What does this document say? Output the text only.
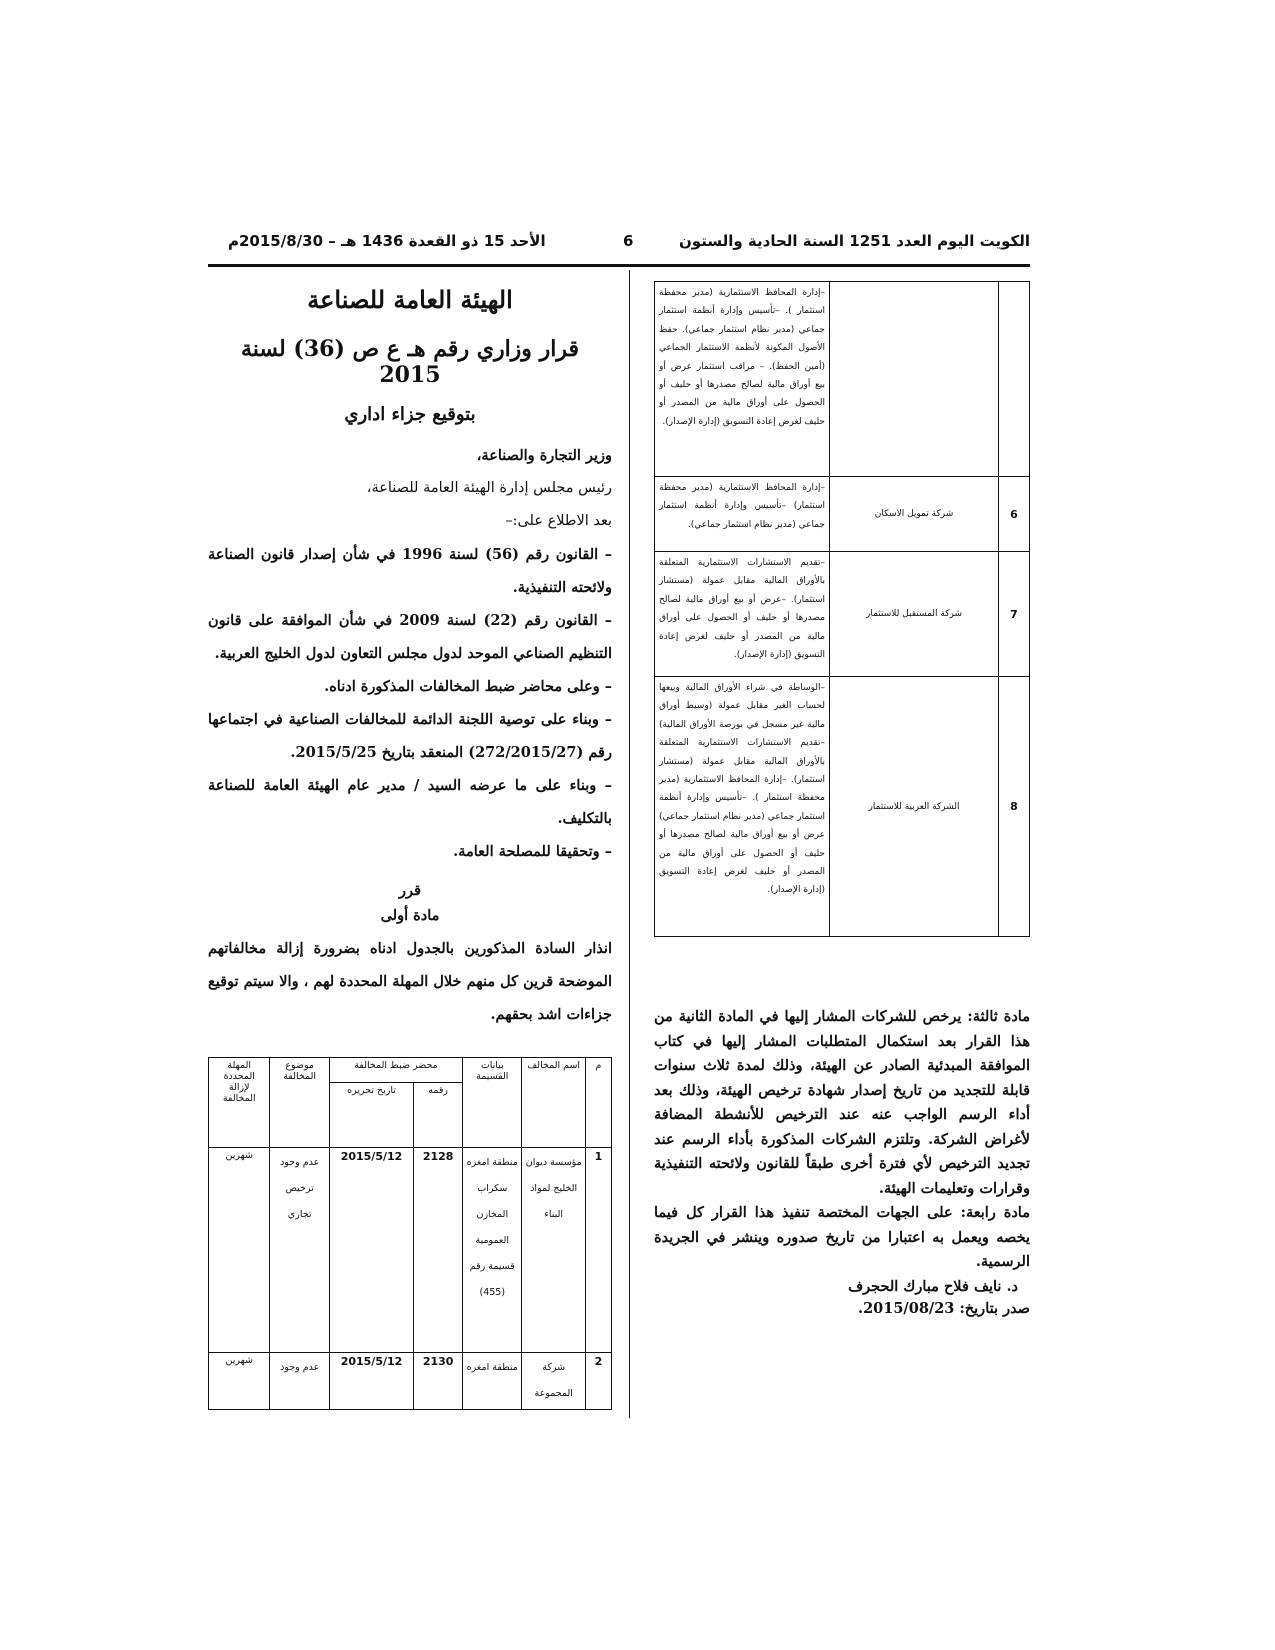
الكويت اليوم العدد 1251 السنة الحادية والستون
6
الأحد 15 ذو القعدة 1436 هـ – 2015/8/30م
الهيئة العامة للصناعة
قرار وزاري رقم هـ ع ص (36) لسنة 2015
بتوقيع جزاء اداري

وزير التجارة والصناعة،

رئيس مجلس إدارة الهيئة العامة للصناعة،

بعد الاطلاع على:–

– القانون رقم (56) لسنة 1996 في شأن إصدار قانون الصناعة ولائحته التنفيذية.

– القانون رقم (22) لسنة 2009 في شأن الموافقة على قانون التنظيم الصناعي الموحد لدول مجلس التعاون لدول الخليج العربية.

– وعلى محاضر ضبط المخالفات المذكورة ادناه.

– وبناء على توصية اللجنة الدائمة للمخالفات الصناعية في اجتماعها رقم (272/2015/27) المنعقد بتاريخ 2015/5/25.

– وبناء على ما عرضه السيد / مدير عام الهيئة العامة للصناعة بالتكليف.

– وتحقيقا للمصلحة العامة.

قرر
مادة أولى

انذار السادة المذكورين بالجدول ادناه بضرورة إزالة مخالفاتهم الموضحة قرين كل منهم خلال المهلة المحددة لهم ، والا سيتم توقيع جزاءات اشد بحقهم.

م	اسم المخالف	بيانات القسيمة	محضر ضبط المخالفة		موضوع المخالفة	المهلة المحددة لإزالة المخالفة
			رقمه	تاريخ تحريره		
1	مؤسسة ديوان الخليج لمواد البناء	منطقة امغره سكراب المخازن العمومية قسيمة رقم (455)	2128	2015/5/12	عدم وجود ترخيص تجاري	شهرين
2	شركة المجموعة	منطقة امغره	2130	2015/5/12	عدم وجود	شهرين
		–إدارة المحافظ الاستثمارية (مدير محفظة استثمار ). –تأسيس وإدارة أنظمة استثمار جماعي (مدير نظام استثمار جماعي). حفظ الأصول المكونة لأنظمة الاستثمار الجماعي (أمين الحفظ). – مراقب استثمار عرض أو بيع أوراق مالية لصالح مصدرها أو حليف أو الحصول على أوراق مالية من المصدر أو حليف لغرض إعادة التسويق (إدارة الإصدار).
6	شركة تمويل الاسكان	–إدارة المحافظ الاستثمارية (مدير محفظة استثمار) –تأسيس وإدارة أنظمة استثمار جماعي (مدير نظام استثمار جماعي).
7	شركة المستقبل للاستثمار	–تقديم الاستشارات الاستثمارية المتعلقة بالأوراق المالية مقابل عمولة (مستشار استثمار). –عرض أو بيع أوراق مالية لصالح مصدرها أو حليف أو الحصول على أوراق مالية من المصدر أو حليف لغرض إعادة التسويق (إدارة الإصدار).
8	الشركة العربية للاستثمار	–الوساطة في شراء الأوراق المالية وبيعها لحساب الغير مقابل عمولة (وسيط أوراق مالية غير مسجل في بورصة الأوراق المالية) –تقديم الاستشارات الاستثمارية المتعلقة بالأوراق المالية مقابل عمولة (مستشار استثمار). –إدارة المحافظ الاستثمارية (مدير محفظة استثمار ). –تأسيس وإدارة أنظمة استثمار جماعي (مدير نظام استثمار جماعي) عرض أو بيع أوراق مالية لصالح مصدرها أو حليف أو الحصول على أوراق مالية من المصدر أو حليف لغرض إعادة التسويق (إدارة الإصدار).

مادة ثالثة: يرخص للشركات المشار إليها في المادة الثانية من هذا القرار بعد استكمال المتطلبات المشار إليها في كتاب الموافقة المبدئية الصادر عن الهيئة، وذلك لمدة ثلاث سنوات قابلة للتجديد من تاريخ إصدار شهادة ترخيص الهيئة، وذلك بعد أداء الرسم الواجب عنه عند الترخيص للأنشطة المضافة لأغراض الشركة. وتلتزم الشركات المذكورة بأداء الرسم عند تجديد الترخيص لأي فترة أخرى طبقاً للقانون ولائحته التنفيذية وقرارات وتعليمات الهيئة.

مادة رابعة: على الجهات المختصة تنفيذ هذا القرار كل فيما يخصه ويعمل به اعتبارا من تاريخ صدوره وينشر في الجريدة الرسمية.

د. نايف فلاح مبارك الحجرف

صدر بتاريخ: 2015/08/23.
